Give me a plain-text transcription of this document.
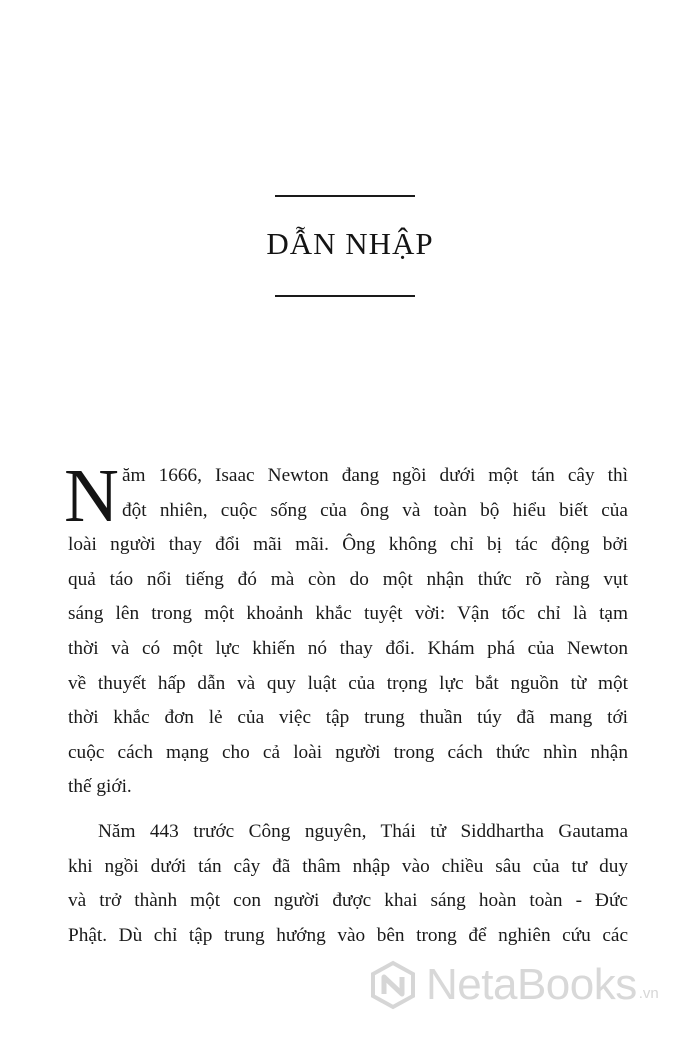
DẪN NHẬP
N ăm 1666, Isaac Newton đang ngồi dưới một tán cây thì
đột nhiên, cuộc sống của ông và toàn bộ hiểu biết của
loài người thay đổi mãi mãi. Ông không chỉ bị tác động bởi
quả táo nổi tiếng đó mà còn do một nhận thức rõ ràng vụt
sáng lên trong một khoảnh khắc tuyệt vời: Vận tốc chỉ là tạm
thời và có một lực khiến nó thay đổi. Khám phá của Newton
về thuyết hấp dẫn và quy luật của trọng lực bắt nguồn từ một
thời khắc đơn lẻ của việc tập trung thuần túy đã mang tới
cuộc cách mạng cho cả loài người trong cách thức nhìn nhận
thế giới.
Năm 443 trước Công nguyên, Thái tử Siddhartha Gautama
khi ngồi dưới tán cây đã thâm nhập vào chiều sâu của tư duy
và trở thành một con người được khai sáng hoàn toàn - Đức
Phật. Dù chỉ tập trung hướng vào bên trong để nghiên cứu các
NetaBooks .vn
